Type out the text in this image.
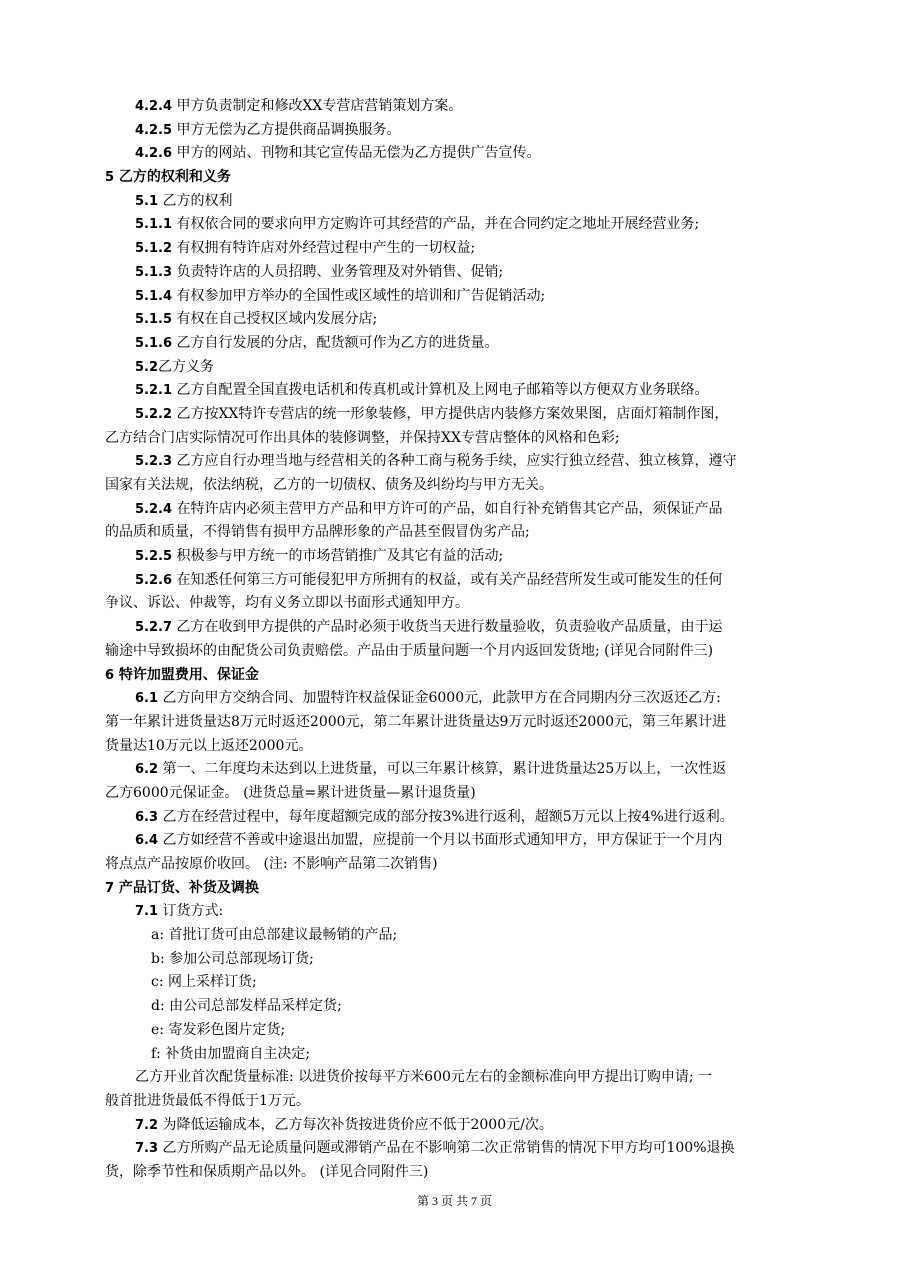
4.2.4 甲方负责制定和修改XX专营店营销策划方案。
4.2.5 甲方无偿为乙方提供商品调换服务。
4.2.6 甲方的网站、刊物和其它宣传品无偿为乙方提供广告宣传。
5 乙方的权利和义务
5.1 乙方的权利
5.1.1 有权依合同的要求向甲方定购许可其经营的产品，并在合同约定之地址开展经营业务;
5.1.2 有权拥有特许店对外经营过程中产生的一切权益;
5.1.3 负责特许店的人员招聘、业务管理及对外销售、促销;
5.1.4 有权参加甲方举办的全国性或区域性的培训和广告促销活动;
5.1.5 有权在自己授权区域内发展分店;
5.1.6 乙方自行发展的分店，配货额可作为乙方的进货量。
5.2乙方义务
5.2.1 乙方自配置全国直拨电话机和传真机或计算机及上网电子邮箱等以方便双方业务联络。
5.2.2 乙方按XX特许专营店的统一形象装修，甲方提供店内装修方案效果图，店面灯箱制作图，
乙方结合门店实际情况可作出具体的装修调整，并保持XX专营店整体的风格和色彩;
5.2.3 乙方应自行办理当地与经营相关的各种工商与税务手续，应实行独立经营、独立核算，遵守
国家有关法规，依法纳税，乙方的一切债权、债务及纠纷均与甲方无关。
5.2.4 在特许店内必须主营甲方产品和甲方许可的产品，如自行补充销售其它产品，须保证产品
的品质和质量，不得销售有损甲方品牌形象的产品甚至假冒伪劣产品;
5.2.5 积极参与甲方统一的市场营销推广及其它有益的活动;
5.2.6 在知悉任何第三方可能侵犯甲方所拥有的权益，或有关产品经营所发生或可能发生的任何
争议、诉讼、仲裁等，均有义务立即以书面形式通知甲方。
5.2.7 乙方在收到甲方提供的产品时必须于收货当天进行数量验收，负责验收产品质量，由于运
输途中导致损坏的由配货公司负责赔偿。产品由于质量问题一个月内返回发货地; (详见合同附件三)
6 特许加盟费用、保证金
6.1 乙方向甲方交纳合同、加盟特许权益保证金6000元，此款甲方在合同期内分三次返还乙方:
第一年累计进货量达8万元时返还2000元，第二年累计进货量达9万元时返还2000元，第三年累计进
货量达10万元以上返还2000元。
6.2 第一、二年度均未达到以上进货量，可以三年累计核算，累计进货量达25万以上，一次性返
乙方6000元保证金。 (进货总量=累计进货量—累计退货量)
6.3 乙方在经营过程中，每年度超额完成的部分按3%进行返利，超额5万元以上按4%进行返利。
6.4 乙方如经营不善或中途退出加盟，应提前一个月以书面形式通知甲方，甲方保证于一个月内
将点点产品按原价收回。 (注: 不影响产品第二次销售)
7 产品订货、补货及调换
7.1 订货方式:
a: 首批订货可由总部建议最畅销的产品;
b: 参加公司总部现场订货;
c: 网上采样订货;
d: 由公司总部发样品采样定货;
e: 寄发彩色图片定货;
f: 补货由加盟商自主决定;
乙方开业首次配货量标准: 以进货价按每平方米600元左右的金额标准向甲方提出订购申请; 一
般首批进货最低不得低于1万元。
7.2 为降低运输成本，乙方每次补货按进货价应不低于2000元/次。
7.3 乙方所购产品无论质量问题或滞销产品在不影响第二次正常销售的情况下甲方均可100%退换
货，除季节性和保质期产品以外。 (详见合同附件三)
第 3 页 共 7 页
